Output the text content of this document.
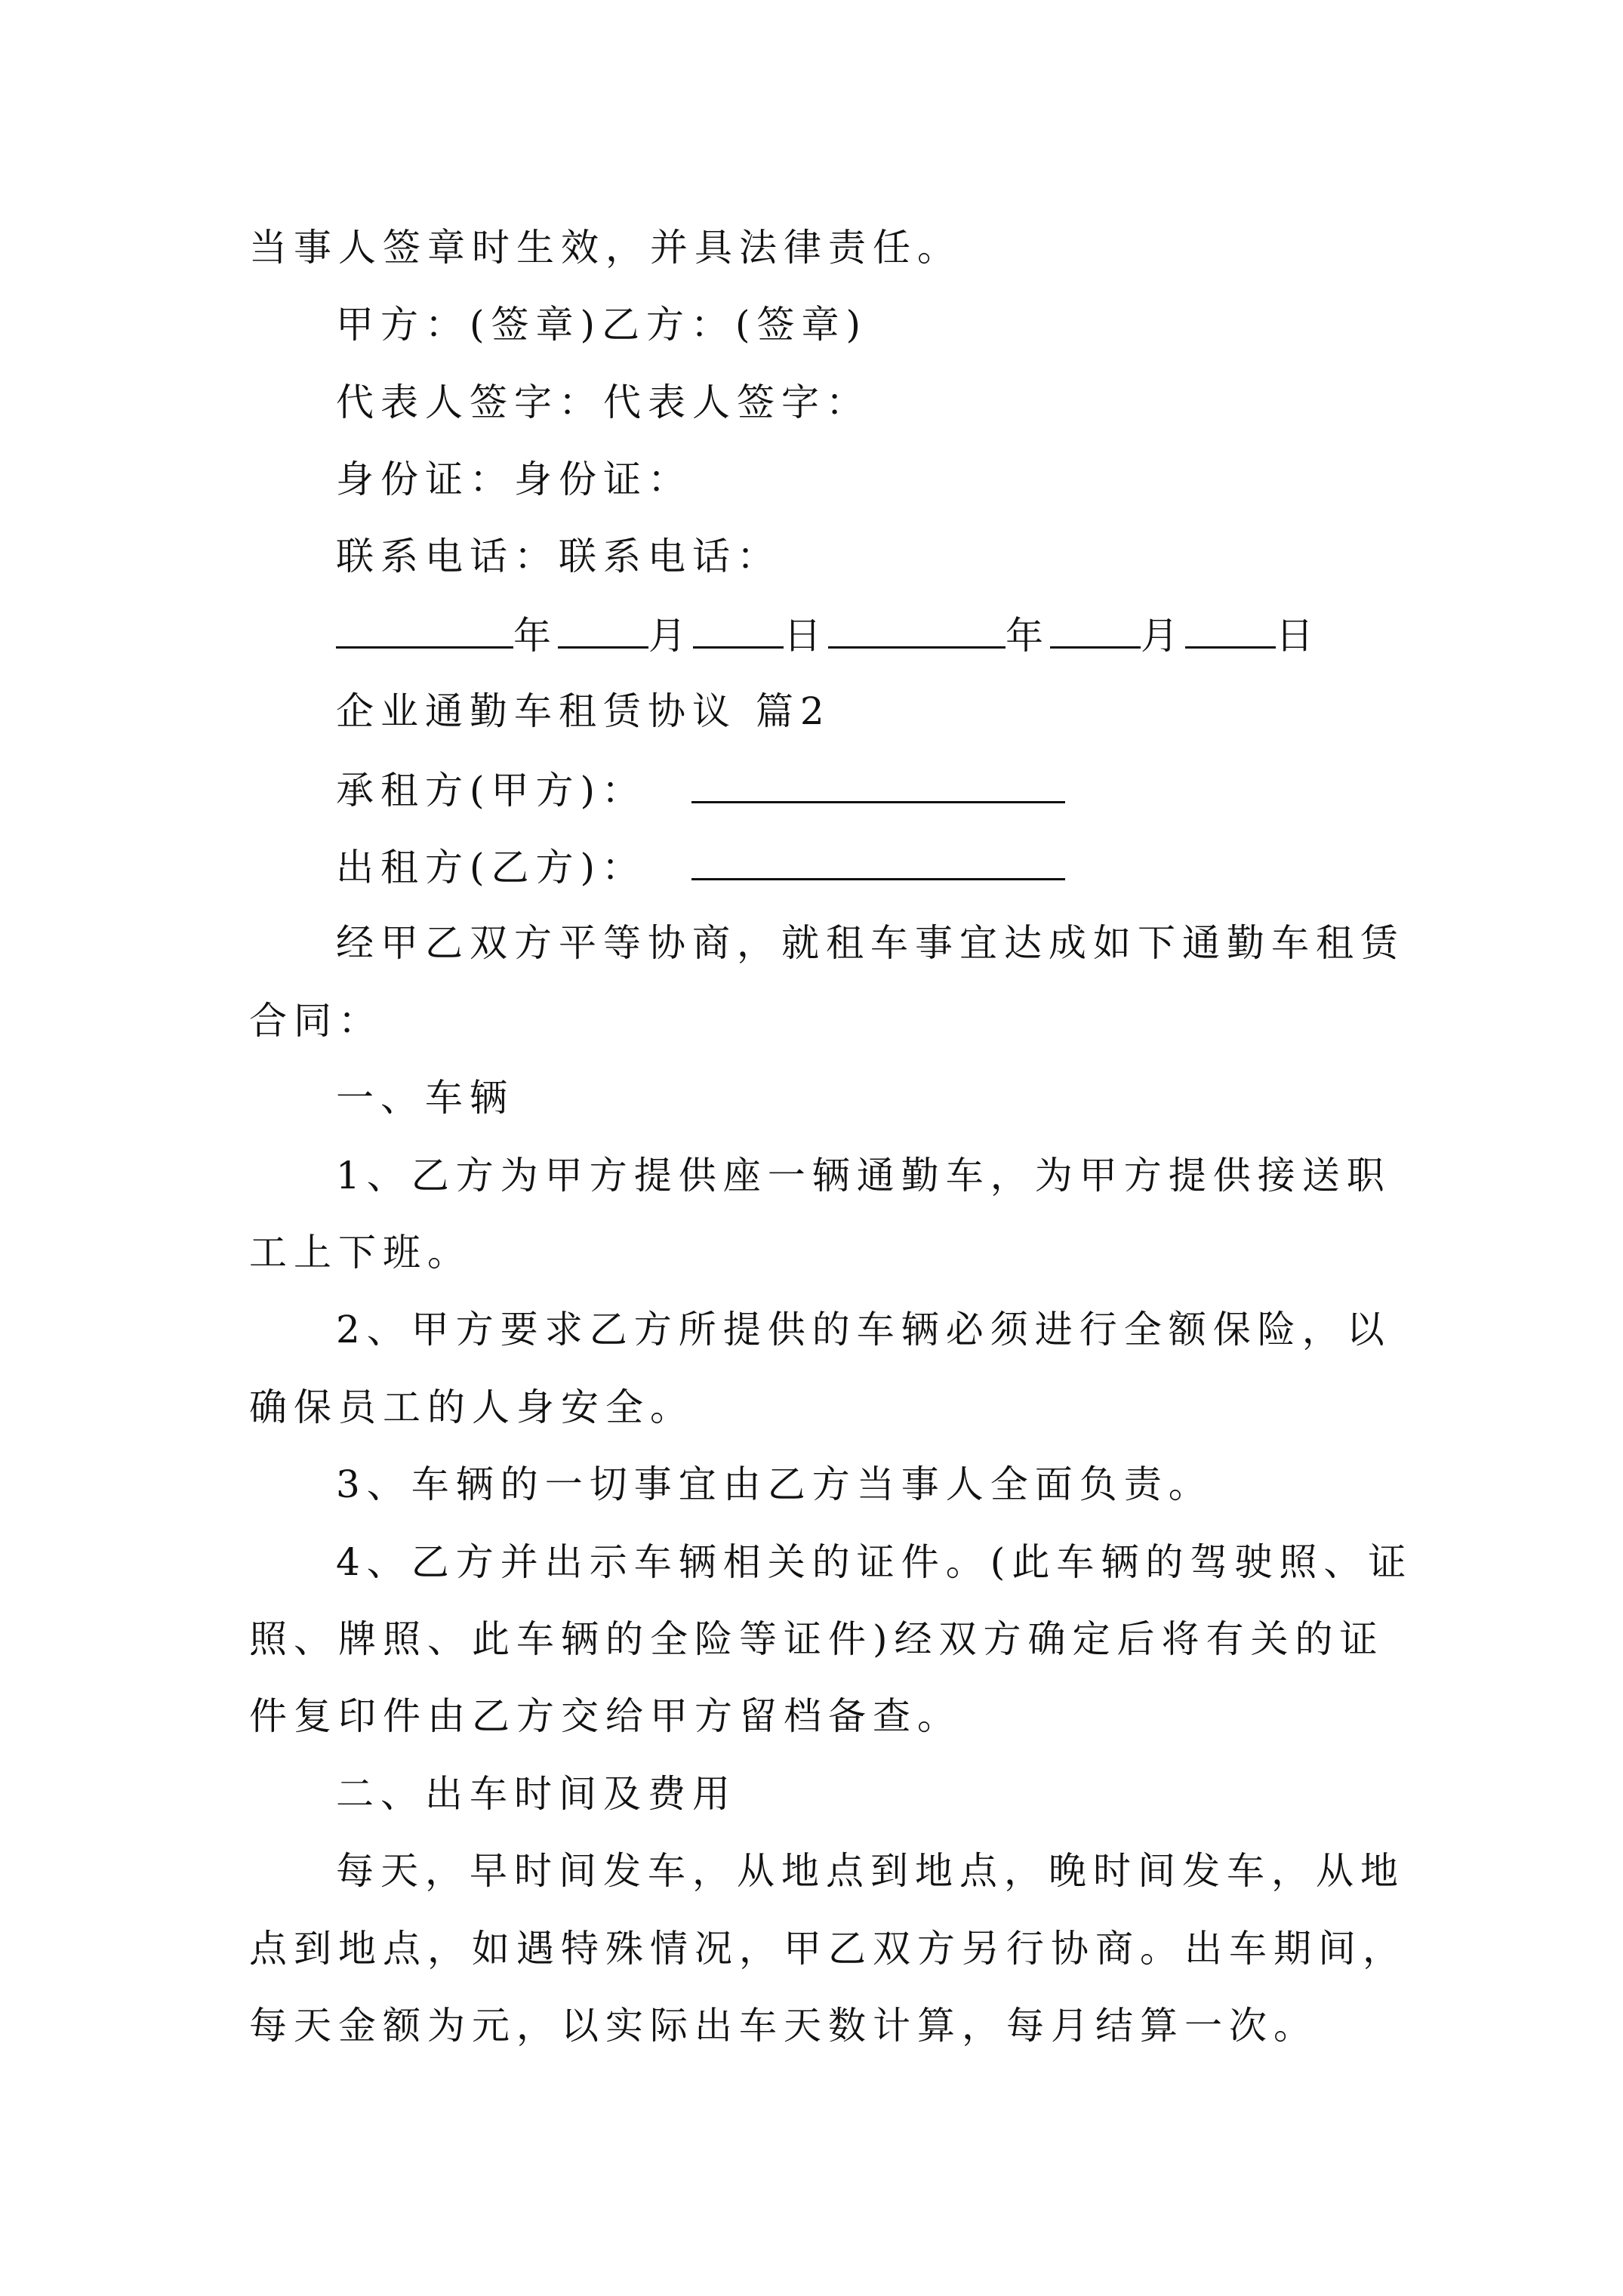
当事人签章时生效，并具法律责任。
甲方：(签章)乙方：(签章)
代表人签字：代表人签字：
身份证：身份证：
联系电话：联系电话：
年 月 日	年 月 日
企业通勤车租赁协议 篇2
承租方(甲方)：
出租方(乙方)：
经甲乙双方平等协商，就租车事宜达成如下通勤车租赁
合同：
一、车辆
1、乙方为甲方提供座一辆通勤车，为甲方提供接送职
工上下班。
2、甲方要求乙方所提供的车辆必须进行全额保险，以
确保员工的人身安全。
3、车辆的一切事宜由乙方当事人全面负责。
4、乙方并出示车辆相关的证件。(此车辆的驾驶照、证
照、牌照、此车辆的全险等证件)经双方确定后将有关的证
件复印件由乙方交给甲方留档备查。
二、出车时间及费用
每天，早时间发车，从地点到地点，晚时间发车，从地
点到地点，如遇特殊情况，甲乙双方另行协商。出车期间，
每天金额为元，以实际出车天数计算，每月结算一次。
